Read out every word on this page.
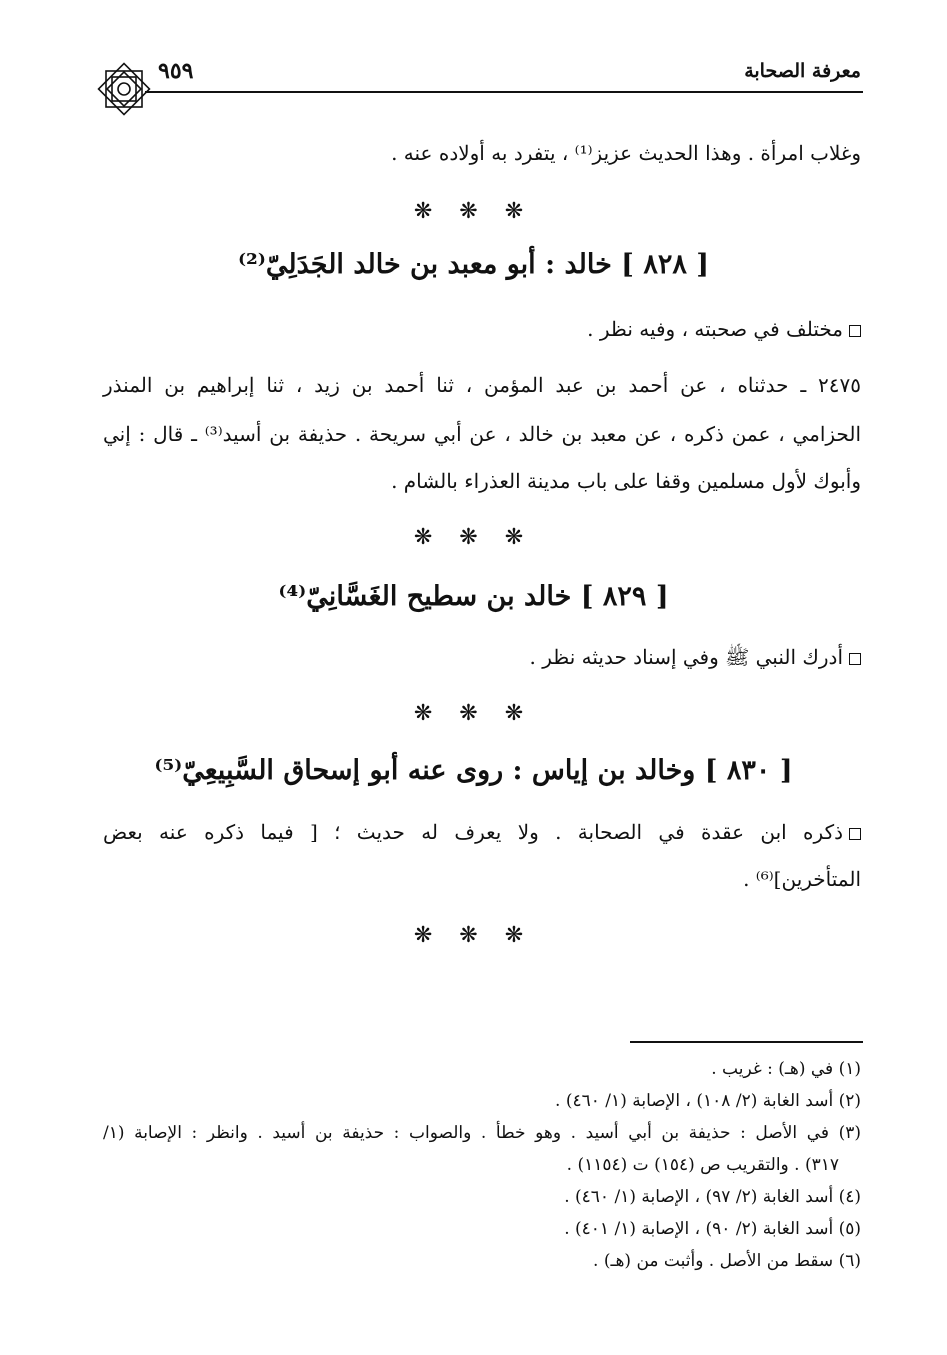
معرفة الصحابة
٩٥٩
وغلاب امرأة . وهذا الحديث عزيز⁽¹⁾ ، يتفرد به أولاده عنه .
❋ ❋ ❋
[ ٨٢٨ ] خالد : أبو معبد بن خالد الجَدَلِيّ⁽²⁾
مختلف في صحبته ، وفيه نظر .
٢٤٧٥ ـ حدثناه ، عن أحمد بن عبد المؤمن ، ثنا أحمد بن زيد ، ثنا إبراهيم بن المنذر
الحزامي ، عمن ذكره ، عن معبد بن خالد ، عن أبي سريحة . حذيفة بن أسيد⁽³⁾ ـ قال : إني
وأبوك لأول مسلمين وقفا على باب مدينة العذراء بالشام .
❋ ❋ ❋
[ ٨٢٩ ] خالد بن سطيح الغَسَّانِيّ⁽⁴⁾
أدرك النبي ﷺ وفي إسناد حديثه نظر .
❋ ❋ ❋
[ ٨٣٠ ] وخالد بن إياس : روى عنه أبو إسحاق السَّبِيعِيّ⁽⁵⁾
ذكره ابن عقدة في الصحابة . ولا يعرف له حديث ؛ [ فيما ذكره عنه بعض
المتأخرين]⁽⁶⁾ .
❋ ❋ ❋
(١) في (هـ) : غريب .
(٢) أسد الغابة (٢/ ١٠٨) ، الإصابة (١/ ٤٦٠) .
(٣) في الأصل : حذيفة بن أبي أسيد . وهو خطأ . والصواب : حذيفة بن أسيد . وانظر : الإصابة (١/
٣١٧) . والتقريب ص (١٥٤) ت (١١٥٤) .
(٤) أسد الغابة (٢/ ٩٧) ، الإصابة (١/ ٤٦٠) .
(٥) أسد الغابة (٢/ ٩٠) ، الإصابة (١/ ٤٠١) .
(٦) سقط من الأصل . وأثبت من (هـ) .
